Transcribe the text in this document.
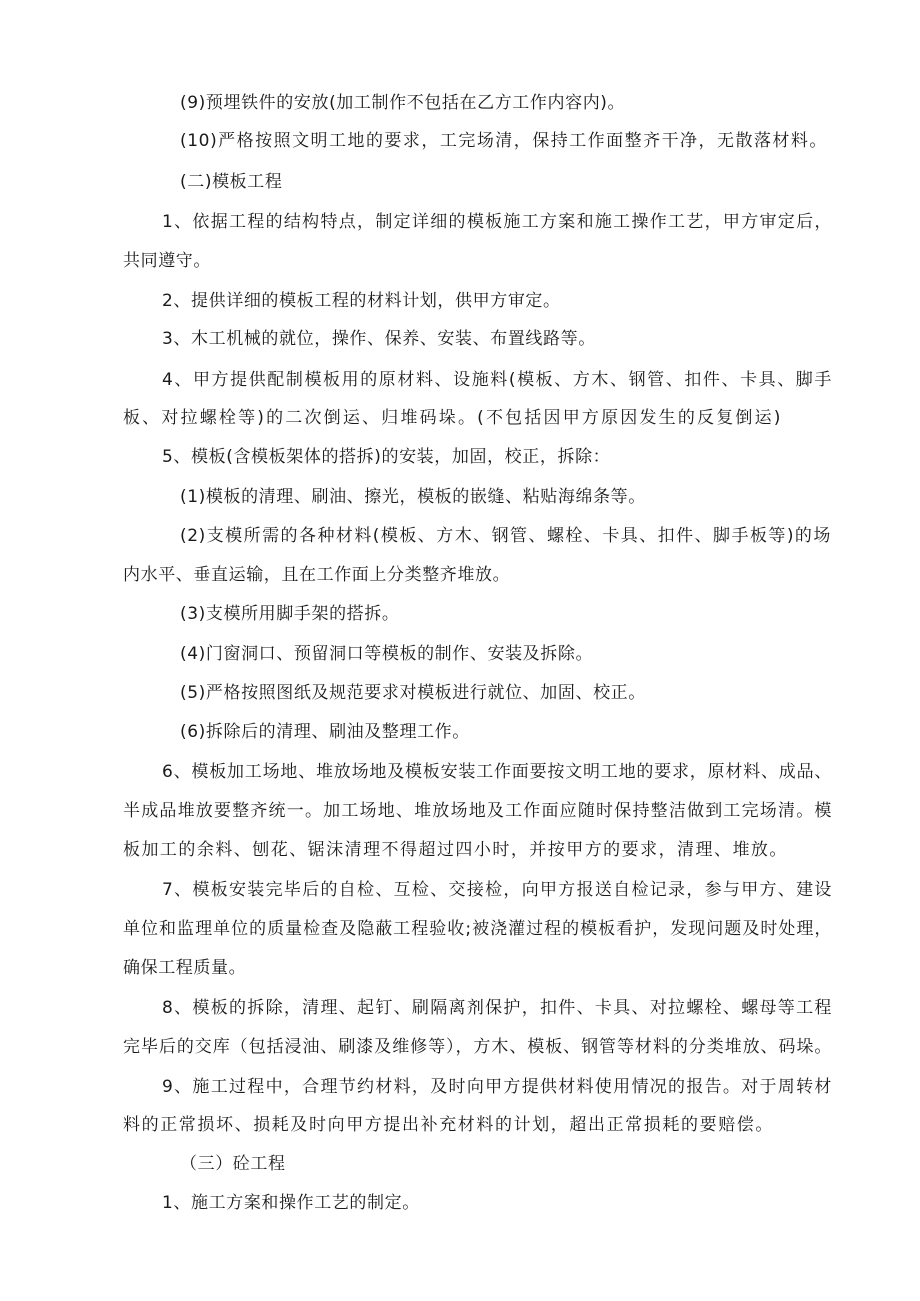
(9)预埋铁件的安放(加工制作不包括在乙方工作内容内)。
(10)严格按照文明工地的要求，工完场清，保持工作面整齐干净，无散落材料。
(二)模板工程
1、依据工程的结构特点，制定详细的模板施工方案和施工操作工艺，甲方审定后，
共同遵守。
2、提供详细的模板工程的材料计划，供甲方审定。
3、木工机械的就位，操作、保养、安装、布置线路等。
4、甲方提供配制模板用的原材料、设施料(模板、方木、钢管、扣件、卡具、脚手
板、对拉螺栓等)的二次倒运、归堆码垛。(不包括因甲方原因发生的反复倒运)
5、模板(含模板架体的搭拆)的安装，加固，校正，拆除：
(1)模板的清理、刷油、擦光，模板的嵌缝、粘贴海绵条等。
(2)支模所需的各种材料(模板、方木、钢管、螺栓、卡具、扣件、脚手板等)的场
内水平、垂直运输，且在工作面上分类整齐堆放。
(3)支模所用脚手架的搭拆。
(4)门窗洞口、预留洞口等模板的制作、安装及拆除。
(5)严格按照图纸及规范要求对模板进行就位、加固、校正。
(6)拆除后的清理、刷油及整理工作。
6、模板加工场地、堆放场地及模板安装工作面要按文明工地的要求，原材料、成品、
半成品堆放要整齐统一。加工场地、堆放场地及工作面应随时保持整洁做到工完场清。模
板加工的余料、刨花、锯沫清理不得超过四小时，并按甲方的要求，清理、堆放。
7、模板安装完毕后的自检、互检、交接检，向甲方报送自检记录，参与甲方、建设
单位和监理单位的质量检查及隐蔽工程验收;被浇灌过程的模板看护，发现问题及时处理，
确保工程质量。
8、模板的拆除，清理、起钉、刷隔离剂保护，扣件、卡具、对拉螺栓、螺母等工程
完毕后的交库（包括浸油、刷漆及维修等），方木、模板、钢管等材料的分类堆放、码垛。
9、施工过程中，合理节约材料，及时向甲方提供材料使用情况的报告。对于周转材
料的正常损坏、损耗及时向甲方提出补充材料的计划，超出正常损耗的要赔偿。
（三）砼工程
1、施工方案和操作工艺的制定。
